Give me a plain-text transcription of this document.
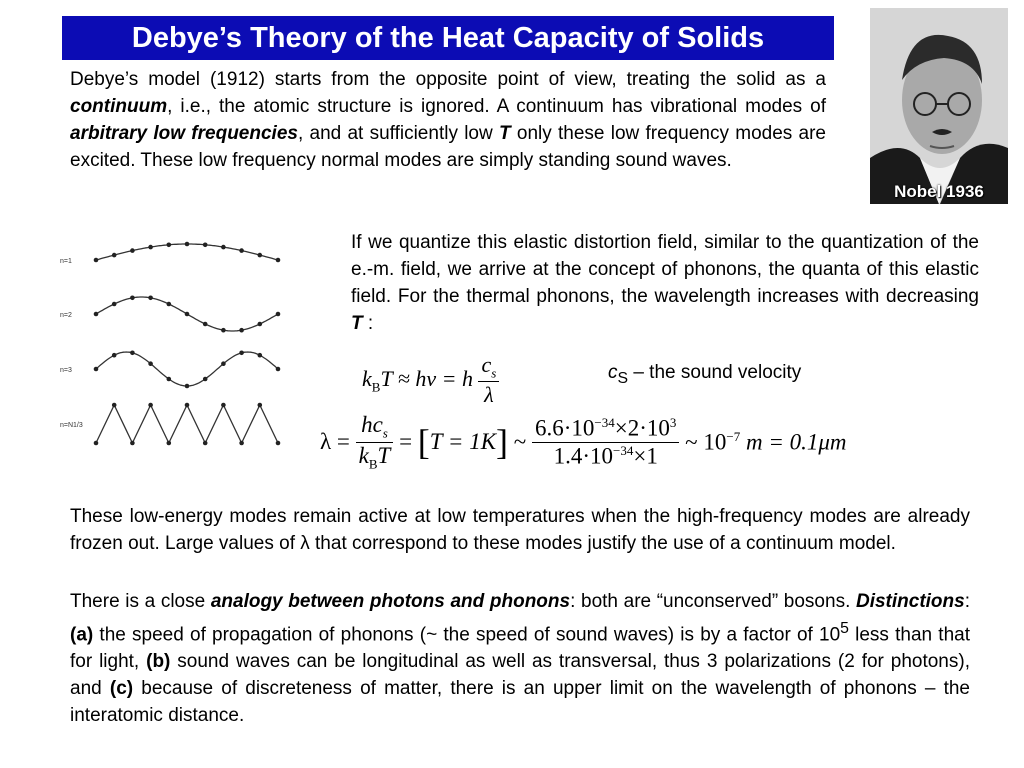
Debye’s Theory of the Heat Capacity of Solids

Debye’s model (1912) starts from the opposite point of view, treating the solid as a continuum, i.e., the atomic structure is ignored. A continuum has vibrational modes of arbitrary low frequencies, and at sufficiently low T only these low frequency modes are excited. These low frequency normal modes are simply standing sound waves.

Nobel 1936
n=1
n=2
n=3
n=N1/3

If we quantize this elastic distortion field, similar to the quantization of the e.-m. field, we arrive at the concept of phonons, the quanta of this elastic field. For the thermal phonons, the wavelength increases with decreasing T :

$k_BT \approx h\nu = h \frac{c_s}{\lambda}$	$c_S$ – the sound velocity
$\lambda = \frac{hc_s}{k_BT} = [T = 1K]$ ~ $\frac{6.6\cdot 10^{-34}\times 2\cdot 10^3}{1.4\cdot 10^{-34}\times 1}$ ~ $10^{-7}$ m = 0.1μm

These low-energy modes remain active at low temperatures when the high-frequency modes are already frozen out. Large values of λ that correspond to these modes justify the use of a continuum model.

There is a close analogy between photons and phonons: both are “unconserved” bosons. Distinctions: (a) the speed of propagation of phonons (~ the speed of sound waves) is by a factor of $10^5$ less than that for light, (b) sound waves can be longitudinal as well as transversal, thus 3 polarizations (2 for photons), and (c) because of discreteness of matter, there is an upper limit on the wavelength of phonons – the interatomic distance.
